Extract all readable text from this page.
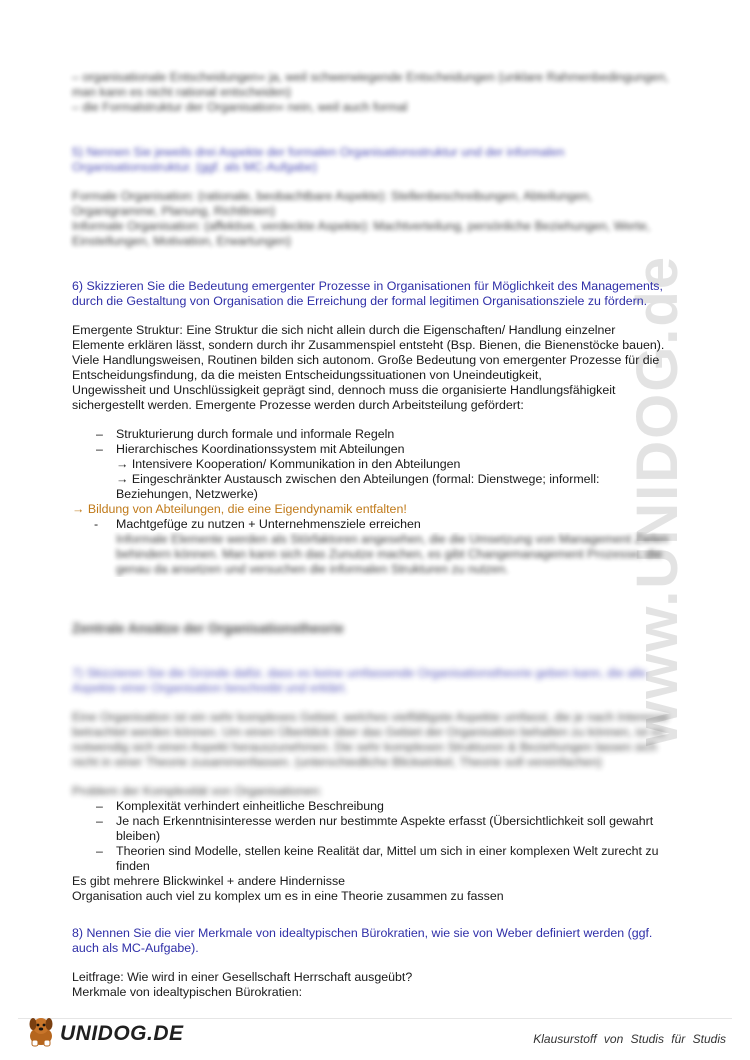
www.UNIDOG.de

– organisationale Entscheidungen« ja, weil schwerwiegende Entscheidungen (unklare Rahmenbedingungen,

man kann es nicht rational entscheiden)

– die Formalstruktur der Organisation« nein, weil auch formal

5) Nennen Sie jeweils drei Aspekte der formalen Organisationsstruktur und der informalen

Organisationsstruktur. (ggf. als MC-Aufgabe)

Formale Organisation: (rationale, beobachtbare Aspekte): Stellenbeschreibungen, Abteilungen,

Organigramme, Planung, Richtlinien)

Informale Organisation: (affektive, verdeckte Aspekte): Machtverteilung, persönliche Beziehungen, Werte,

Einstellungen, Motivation, Erwartungen)

6) Skizzieren Sie die Bedeutung emergenter Prozesse in Organisationen für Möglichkeit des Managements,

durch die Gestaltung von Organisation die Erreichung der formal legitimen Organisationsziele zu fördern.

Emergente Struktur: Eine Struktur die sich nicht allein durch die Eigenschaften/ Handlung einzelner

Elemente erklären lässt, sondern durch ihr Zusammenspiel entsteht (Bsp. Bienen, die Bienenstöcke bauen).

Viele Handlungsweisen, Routinen bilden sich autonom. Große Bedeutung von emergenter Prozesse für die

Entscheidungsfindung, da die meisten Entscheidungssituationen von Uneindeutigkeit,

Ungewissheit und Unschlüssigkeit geprägt sind, dennoch muss die organisierte Handlungsfähigkeit

sichergestellt werden. Emergente Prozesse werden durch Arbeitsteilung gefördert:

– Strukturierung durch formale und informale Regeln
– Hierarchisches Koordinationssystem mit Abteilungen

→ Intensivere Kooperation/ Kommunikation in den Abteilungen

→ Eingeschränkter Austausch zwischen den Abteilungen (formal: Dienstwege; informell:

Beziehungen, Netzwerke)

→ Bildung von Abteilungen, die eine Eigendynamik entfalten!

- Machtgefüge zu nutzen + Unternehmensziele erreichen

Informale Elemente werden als Störfaktoren angesehen, die die Umsetzung von Management Zielen

behindern können. Man kann sich das Zunutze machen, es gibt Changemanagement Prozesse, die

genau da ansetzen und versuchen die informalen Strukturen zu nutzen.

Zentrale Ansätze der Organisationstheorie

7) Skizzieren Sie die Gründe dafür, dass es keine umfassende Organisationstheorie geben kann, die alle

Aspekte einer Organisation beschreibt und erklärt.

Eine Organisation ist ein sehr komplexes Gebiet, welches vielfältigste Aspekte umfasst, die je nach Interesse

betrachtet werden können. Um einen Überblick über das Gebiet der Organisation behalten zu können, ist es

notwendig sich einen Aspekt herauszunehmen. Die sehr komplexen Strukturen & Beziehungen lassen sich

nicht in einer Theorie zusammenfassen. (unterschiedliche Blickwinkel, Theorie soll vereinfachen)

Problem der Komplexität von Organisationen:

– Komplexität verhindert einheitliche Beschreibung
– Je nach Erkenntnisinteresse werden nur bestimmte Aspekte erfasst (Übersichtlichkeit soll gewahrt
bleiben)
– Theorien sind Modelle, stellen keine Realität dar, Mittel um sich in einer komplexen Welt zurecht zu
finden

Es gibt mehrere Blickwinkel + andere Hindernisse

Organisation auch viel zu komplex um es in eine Theorie zusammen zu fassen

8) Nennen Sie die vier Merkmale von idealtypischen Bürokratien, wie sie von Weber definiert werden (ggf.

auch als MC-Aufgabe).

Leitfrage: Wie wird in einer Gesellschaft Herrschaft ausgeübt?

Merkmale von idealtypischen Bürokratien:

UNIDOG.DE	Klausurstoff von Studis für Studis
